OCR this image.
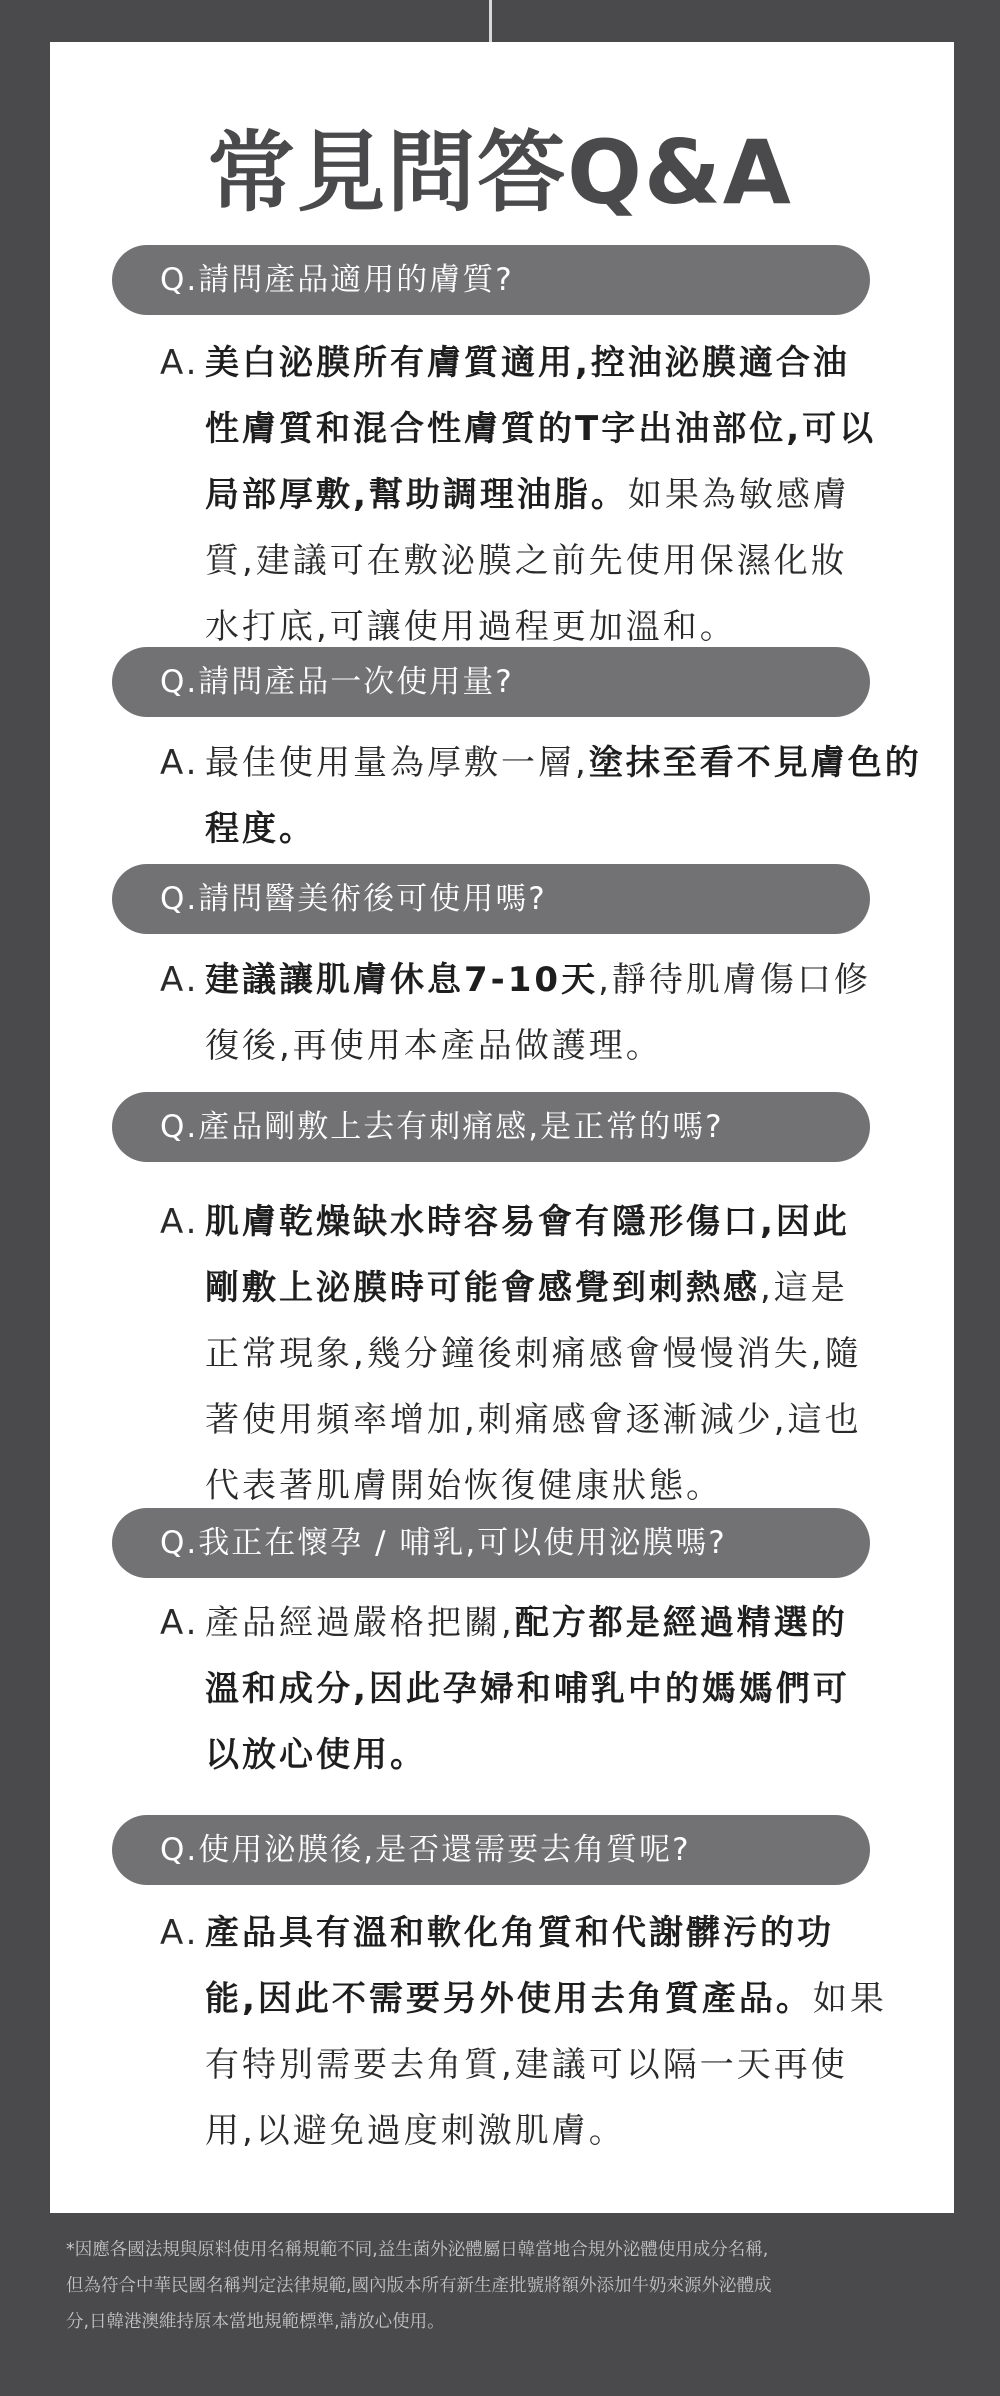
常見問答Q&A
Q.請問產品適用的膚質?
A. 美白泌膜所有膚質適用,控油泌膜適合油
性膚質和混合性膚質的T字出油部位,可以
局部厚敷,幫助調理油脂。如果為敏感膚
質,建議可在敷泌膜之前先使用保濕化妝
水打底,可讓使用過程更加溫和。
Q.請問產品一次使用量?
A. 最佳使用量為厚敷一層,塗抹至看不見膚色的
程度。
Q.請問醫美術後可使用嗎?
A. 建議讓肌膚休息7-10天,靜待肌膚傷口修
復後,再使用本產品做護理。
Q.產品剛敷上去有刺痛感,是正常的嗎?
A. 肌膚乾燥缺水時容易會有隱形傷口,因此
剛敷上泌膜時可能會感覺到刺熱感,這是
正常現象,幾分鐘後刺痛感會慢慢消失,隨
著使用頻率增加,刺痛感會逐漸減少,這也
代表著肌膚開始恢復健康狀態。
Q.我正在懷孕 / 哺乳,可以使用泌膜嗎?
A. 產品經過嚴格把關,配方都是經過精選的
溫和成分,因此孕婦和哺乳中的媽媽們可
以放心使用。
Q.使用泌膜後,是否還需要去角質呢?
A. 產品具有溫和軟化角質和代謝髒污的功
能,因此不需要另外使用去角質產品。如果
有特別需要去角質,建議可以隔一天再使
用,以避免過度刺激肌膚。
*因應各國法規與原料使用名稱規範不同,益生菌外泌體屬日韓當地合規外泌體使用成分名稱,
但為符合中華民國名稱判定法律規範,國內版本所有新生產批號將額外添加牛奶來源外泌體成
分,日韓港澳維持原本當地規範標準,請放心使用。
